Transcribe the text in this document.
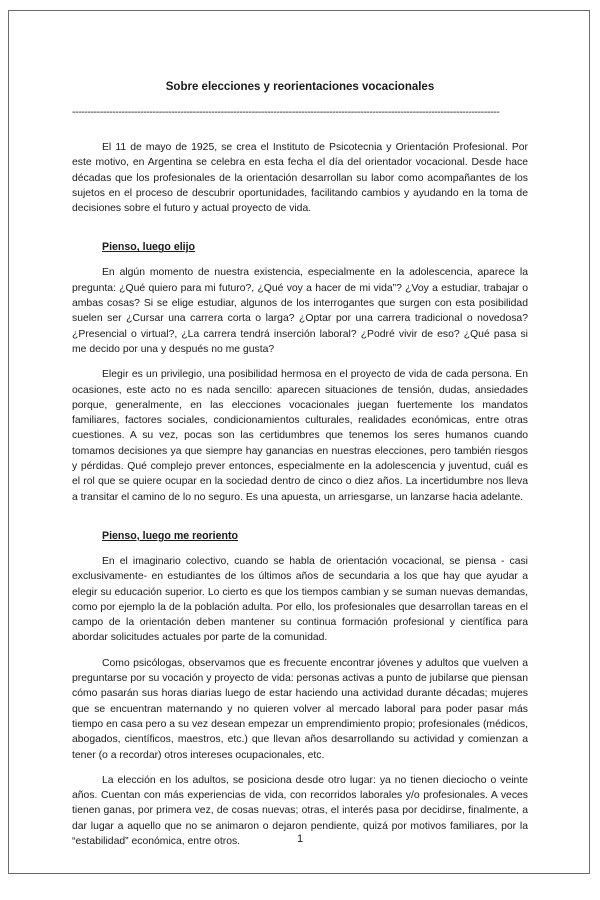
Sobre elecciones y reorientaciones vocacionales
------------------------------------------------------------------------------------------------------------------------------------------

El 11 de mayo de 1925, se crea el Instituto de Psicotecnia y Orientación Profesional. Por este motivo, en Argentina se celebra en esta fecha el día del orientador vocacional. Desde hace décadas que los profesionales de la orientación desarrollan su labor como acompañantes de los sujetos en el proceso de descubrir oportunidades, facilitando cambios y ayudando en la toma de decisiones sobre el futuro y actual proyecto de vida.

Pienso, luego elijo

En algún momento de nuestra existencia, especialmente en la adolescencia, aparece la pregunta: ¿Qué quiero para mi futuro?, ¿Qué voy a hacer de mi vida”? ¿Voy a estudiar, trabajar o ambas cosas? Si se elige estudiar, algunos de los interrogantes que surgen con esta posibilidad suelen ser ¿Cursar una carrera corta o larga? ¿Optar por una carrera tradicional o novedosa? ¿Presencial o virtual?, ¿La carrera tendrá inserción laboral? ¿Podré vivir de eso? ¿Qué pasa si me decido por una y después no me gusta?

Elegir es un privilegio, una posibilidad hermosa en el proyecto de vida de cada persona. En ocasiones, este acto no es nada sencillo: aparecen situaciones de tensión, dudas, ansiedades porque, generalmente, en las elecciones vocacionales juegan fuertemente los mandatos familiares, factores sociales, condicionamientos culturales, realidades económicas, entre otras cuestiones. A su vez, pocas son las certidumbres que tenemos los seres humanos cuando tomamos decisiones ya que siempre hay ganancias en nuestras elecciones, pero también riesgos y pérdidas. Qué complejo prever entonces, especialmente en la adolescencia y juventud, cuál es el rol que se quiere ocupar en la sociedad dentro de cinco o diez años. La incertidumbre nos lleva a transitar el camino de lo no seguro. Es una apuesta, un arriesgarse, un lanzarse hacia adelante.

Pienso, luego me reoriento

En el imaginario colectivo, cuando se habla de orientación vocacional, se piensa - casi exclusivamente- en estudiantes de los últimos años de secundaria a los que hay que ayudar a elegir su educación superior. Lo cierto es que los tiempos cambian y se suman nuevas demandas, como por ejemplo la de la población adulta. Por ello, los profesionales que desarrollan tareas en el campo de la orientación deben mantener su continua formación profesional y científica para abordar solicitudes actuales por parte de la comunidad.

Como psicólogas, observamos que es frecuente encontrar jóvenes y adultos que vuelven a preguntarse por su vocación y proyecto de vida: personas activas a punto de jubilarse que piensan cómo pasarán sus horas diarias luego de estar haciendo una actividad durante décadas; mujeres que se encuentran maternando y no quieren volver al mercado laboral para poder pasar más tiempo en casa pero a su vez desean empezar un emprendimiento propio; profesionales (médicos, abogados, científicos, maestros, etc.) que llevan años desarrollando su actividad y comienzan a tener (o a recordar) otros intereses ocupacionales, etc.

La elección en los adultos, se posiciona desde otro lugar: ya no tienen dieciocho o veinte años. Cuentan con más experiencias de vida, con recorridos laborales y/o profesionales. A veces tienen ganas, por primera vez, de cosas nuevas; otras, el interés pasa por decidirse, finalmente, a dar lugar a aquello que no se animaron o dejaron pendiente, quizá por motivos familiares, por la “estabilidad” económica, entre otros.	1
